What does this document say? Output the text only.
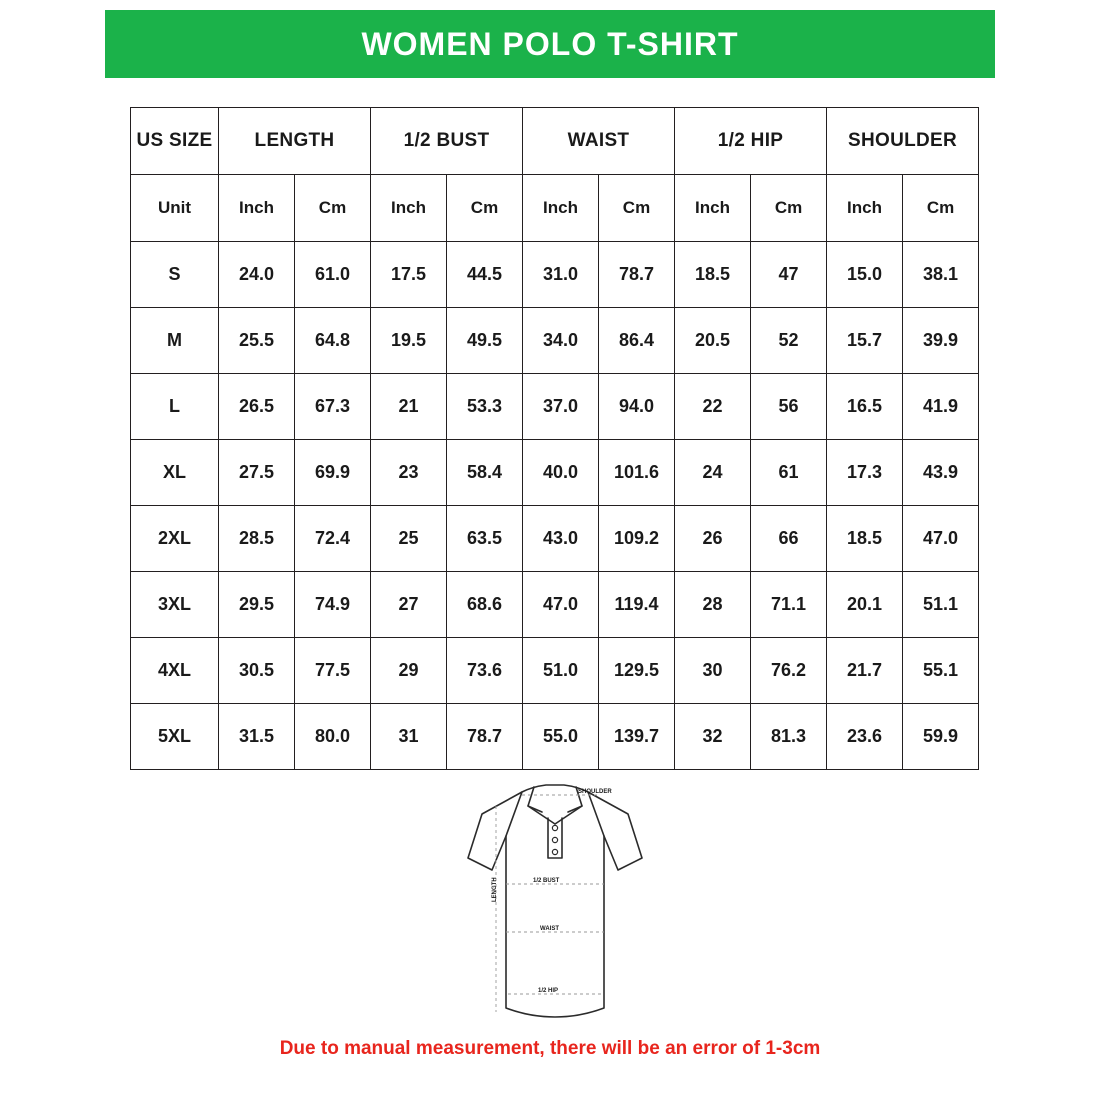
WOMEN POLO T-SHIRT
US SIZE	LENGTH		1/2 BUST		WAIST		1/2 HIP		SHOULDER	
Unit	Inch	Cm	Inch	Cm	Inch	Cm	Inch	Cm	Inch	Cm
S	24.0	61.0	17.5	44.5	31.0	78.7	18.5	47	15.0	38.1
M	25.5	64.8	19.5	49.5	34.0	86.4	20.5	52	15.7	39.9
L	26.5	67.3	21	53.3	37.0	94.0	22	56	16.5	41.9
XL	27.5	69.9	23	58.4	40.0	101.6	24	61	17.3	43.9
2XL	28.5	72.4	25	63.5	43.0	109.2	26	66	18.5	47.0
3XL	29.5	74.9	27	68.6	47.0	119.4	28	71.1	20.1	51.1
4XL	30.5	77.5	29	73.6	51.0	129.5	30	76.2	21.7	55.1
5XL	31.5	80.0	31	78.7	55.0	139.7	32	81.3	23.6	59.9
SHOULDER
LENGTH	1/2 BUST
WAIST
1/2 HIP
Due to manual measurement, there will be an error of 1-3cm
